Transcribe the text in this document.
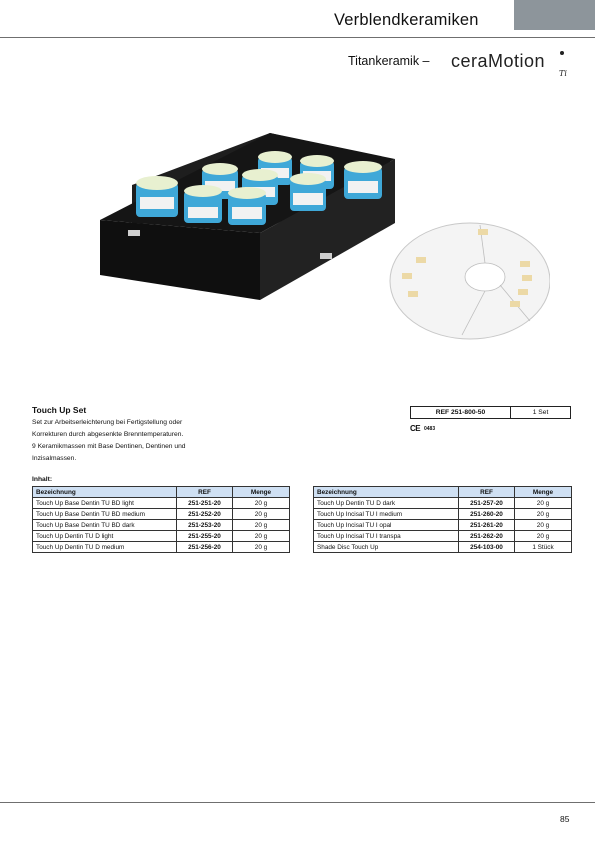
Verblendkeramiken
Titankeramik – ceraMotion
Ti
Touch Up Set
Set zur Arbeitserleichterung bei Fertigstellung oder
Korrekturen durch abgesenkte Brenntemperaturen.
9 Keramikmassen mit Base Dentinen, Dentinen und
Inzisalmassen.
Inhalt:
REF 251-800-50	1 Set
CE 0483
Bezeichnung	REF	Menge
Touch Up Base Dentin TU BD light	251-251-20	20 g
Touch Up Base Dentin TU BD medium	251-252-20	20 g
Touch Up Base Dentin TU BD dark	251-253-20	20 g
Touch Up Dentin TU D light	251-255-20	20 g
Touch Up Dentin TU D medium	251-256-20	20 g
Bezeichnung	REF	Menge
Touch Up Dentin TU D dark	251-257-20	20 g
Touch Up Incisal TU I medium	251-260-20	20 g
Touch Up Incisal TU I opal	251-261-20	20 g
Touch Up Incisal TU I transpa	251-262-20	20 g
Shade Disc Touch Up	254-103-00	1 Stück
85
